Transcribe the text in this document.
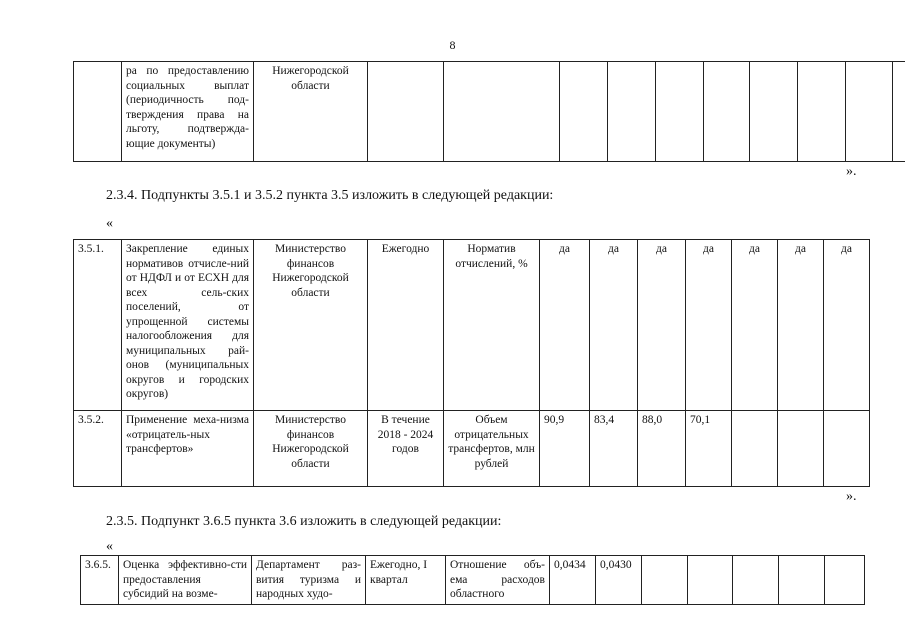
8
	ра по предоставлению социальных выплат (периодичность под-тверждения права на льготу, подтвержда-ющие документы)	Нижегородской области										
».
2.3.4. Подпункты 3.5.1 и 3.5.2 пункта 3.5 изложить в следующей редакции:
«
3.5.1.	Закрепление единых нормативов отчисле-ний от НДФЛ и от ЕСХН для всех сель-ских поселений, от упрощенной системы налогообложения для муниципальных рай-онов (муниципальных округов и городских округов)	Министерство финансов Нижегородской области	Ежегодно	Норматив отчислений, %	да	да	да	да	да	да	да
3.5.2.	Применение меха-низма «отрицатель-ных трансфертов»	Министерство финансов Нижегородской области	В течение 2018 - 2024 годов	Объем отрицательных трансфертов, млн рублей	90,9	83,4	88,0	70,1			
».
2.3.5. Подпункт 3.6.5 пункта 3.6 изложить в следующей редакции:
«
3.6.5.	Оценка эффективно-сти предоставления субсидий на возме-	Департамент раз-вития туризма и народных худо-	Ежегодно, I квартал	Отношение объ-ема расходов областного	0,0434	0,0430					
